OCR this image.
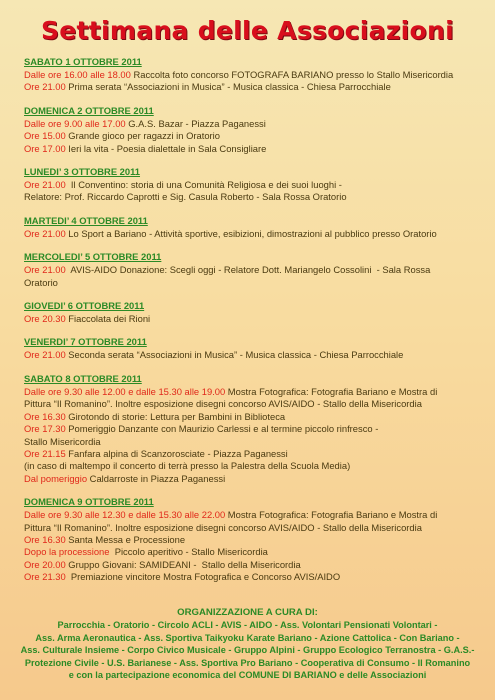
Settimana delle Associazioni
SABATO 1 OTTOBRE 2011
Dalle ore 16.00 alle 18.00 Raccolta foto concorso FOTOGRAFA BARIANO presso lo Stallo Misericordia
Ore 21.00 Prima serata “Associazioni in Musica” - Musica classica - Chiesa Parrocchiale
DOMENICA 2 OTTOBRE 2011
Dalle ore 9.00 alle 17.00 G.A.S. Bazar - Piazza Paganessi
Ore 15.00 Grande gioco per ragazzi in Oratorio
Ore 17.00 Ieri la vita - Poesia dialettale in Sala Consigliare
LUNEDI’ 3 OTTOBRE 2011
Ore 21.00  Il Conventino: storia di una Comunità Religiosa e dei suoi luoghi -
Relatore: Prof. Riccardo Caprotti e Sig. Casula Roberto - Sala Rossa Oratorio
MARTEDI’ 4 OTTOBRE 2011
Ore 21.00 Lo Sport a Bariano - Attività sportive, esibizioni, dimostrazioni al pubblico presso Oratorio
MERCOLEDI’ 5 OTTOBRE 2011
Ore 21.00  AVIS-AIDO Donazione: Scegli oggi - Relatore Dott. Mariangelo Cossolini  - Sala Rossa
Oratorio
GIOVEDI’ 6 OTTOBRE 2011
Ore 20.30 Fiaccolata dei Rioni
VENERDI’ 7 OTTOBRE 2011
Ore 21.00 Seconda serata “Associazioni in Musica” - Musica classica - Chiesa Parrocchiale
SABATO 8 OTTOBRE 2011
Dalle ore 9.30 alle 12.00 e dalle 15.30 alle 19.00 Mostra Fotografica: Fotografia Bariano e Mostra di
Pittura “Il Romanino”. Inoltre esposizione disegni concorso AVIS/AIDO - Stallo della Misericordia
Ore 16.30 Girotondo di storie: Lettura per Bambini in Biblioteca
Ore 17.30 Pomeriggio Danzante con Maurizio Carlessi e al termine piccolo rinfresco -
Stallo Misericordia
Ore 21.15 Fanfara alpina di Scanzorosciate - Piazza Paganessi
(in caso di maltempo il concerto di terrà presso la Palestra della Scuola Media)
Dal pomeriggio Caldarroste in Piazza Paganessi
DOMENICA 9 OTTOBRE 2011
Dalle ore 9.30 alle 12.30 e dalle 15.30 alle 22.00 Mostra Fotografica: Fotografia Bariano e Mostra di
Pittura “Il Romanino”. Inoltre esposizione disegni concorso AVIS/AIDO - Stallo della Misericordia
Ore 16.30 Santa Messa e Processione
Dopo la processione  Piccolo aperitivo - Stallo Misericordia
Ore 20.00 Gruppo Giovani: SAMIDEANI -  Stallo della Misericordia
Ore 21.30  Premiazione vincitore Mostra Fotografica e Concorso AVIS/AIDO
ORGANIZZAZIONE A CURA DI:
Parrocchia - Oratorio - Circolo ACLI - AVIS - AIDO - Ass. Volontari Pensionati Volontari -
Ass. Arma Aeronautica - Ass. Sportiva Taikyoku Karate Bariano - Azione Cattolica - Con Bariano -
Ass. Culturale Insieme - Corpo Civico Musicale - Gruppo Alpini - Gruppo Ecologico Terranostra - G.A.S.-
Protezione Civile - U.S. Barianese - Ass. Sportiva Pro Bariano - Cooperativa di Consumo - Il Romanino
e con la partecipazione economica del COMUNE DI BARIANO e delle Associazioni
